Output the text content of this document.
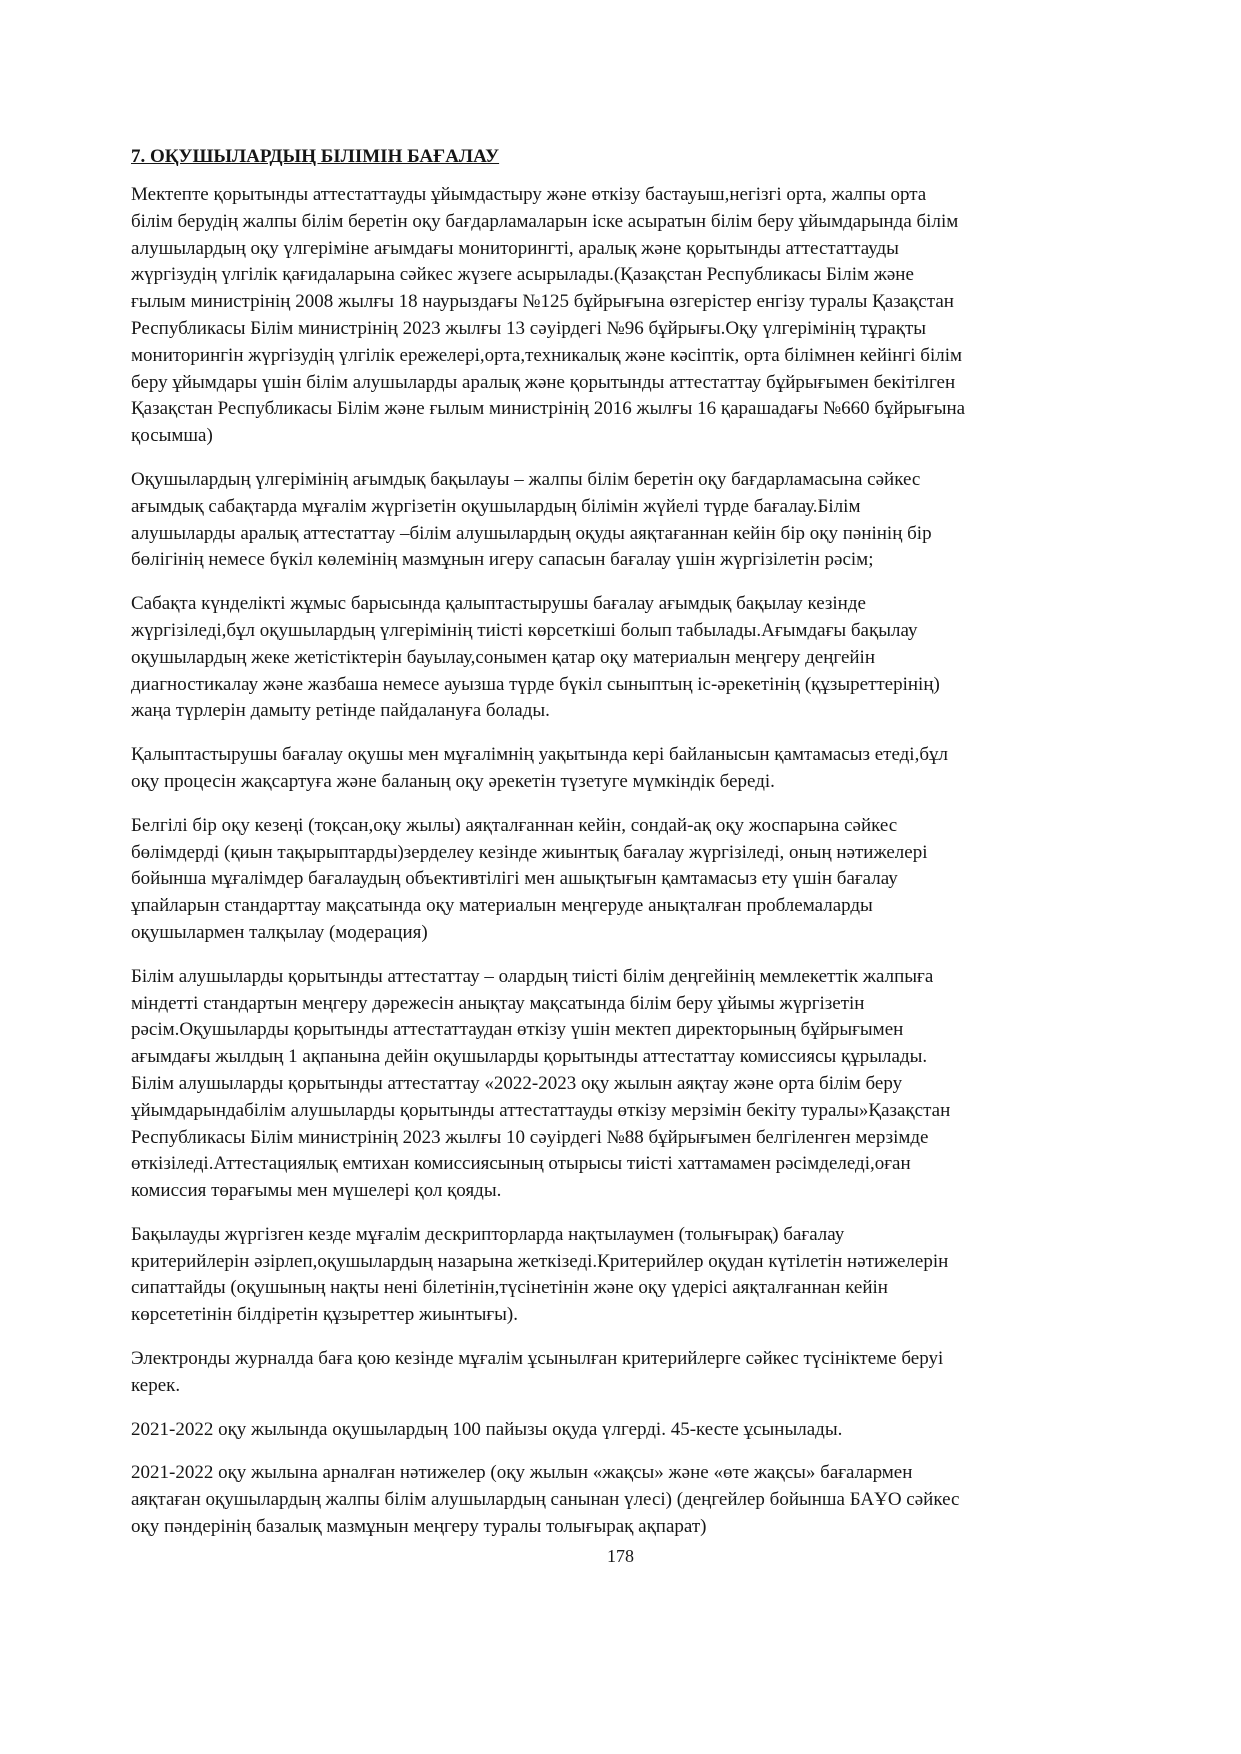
7. ОҚУШЫЛАРДЫҢ БІЛІМІН БАҒАЛАУ
Мектепте қорытынды аттестаттауды ұйымдастыру және өткізу бастауыш,негізгі орта, жалпы орта
білім берудің жалпы білім беретін оқу бағдарламаларын іске асыратын білім беру ұйымдарында білім
алушылардың оқу үлгеріміне ағымдағы мониторингті, аралық және қорытынды аттестаттауды
жүргізудің үлгілік қағидаларына сәйкес жүзеге асырылады.(Қазақстан Республикасы Білім және
ғылым министрінің 2008 жылғы 18 наурыздағы №125 бұйрығына өзгерістер енгізу туралы Қазақстан
Республикасы Білім министрінің 2023 жылғы 13 сәуірдегі №96 бұйрығы.Оқу үлгерімінің тұрақты
мониторингін жүргізудің үлгілік ережелері,орта,техникалық және кәсіптік, орта білімнен кейінгі білім
беру ұйымдары үшін білім алушыларды аралық және қорытынды аттестаттау бұйрығымен бекітілген
Қазақстан Республикасы Білім және ғылым министрінің 2016 жылғы 16 қарашадағы №660 бұйрығына
қосымша)
Оқушылардың үлгерімінің ағымдық бақылауы – жалпы білім беретін оқу бағдарламасына сәйкес
ағымдық сабақтарда мұғалім жүргізетін оқушылардың білімін жүйелі түрде бағалау.Білім
алушыларды аралық аттестаттау –білім алушылардың оқуды аяқтағаннан кейін бір оқу пәнінің бір
бөлігінің немесе бүкіл көлемінің мазмұнын игеру сапасын бағалау үшін жүргізілетін рәсім;
Сабақта күнделікті жұмыс барысында қалыптастырушы бағалау ағымдық бақылау кезінде
жүргізіледі,бұл оқушылардың үлгерімінің тиісті көрсеткіші болып табылады.Ағымдағы бақылау
оқушылардың жеке жетістіктерін бауылау,сонымен қатар оқу материалын меңгеру деңгейін
диагностикалау және жазбаша немесе ауызша түрде бүкіл сыныптың іс-әрекетінің (құзыреттерінің)
жаңа түрлерін дамыту ретінде пайдалануға болады.
Қалыптастырушы бағалау оқушы мен мұғалімнің уақытында кері байланысын қамтамасыз етеді,бұл
оқу процесін жақсартуға және баланың оқу әрекетін түзетуге мүмкіндік береді.
Белгілі бір оқу кезеңі (тоқсан,оқу жылы) аяқталғаннан кейін, сондай-ақ оқу жоспарына сәйкес
бөлімдерді (қиын тақырыптарды)зерделеу кезінде жиынтық бағалау жүргізіледі, оның нәтижелері
бойынша мұғалімдер бағалаудың объективтілігі мен ашықтығын қамтамасыз ету үшін бағалау
ұпайларын стандарттау мақсатында оқу материалын меңгеруде анықталған проблемаларды
оқушылармен талқылау (модерация)
Білім алушыларды қорытынды аттестаттау – олардың тиісті білім деңгейінің мемлекеттік жалпыға
міндетті стандартын меңгеру дәрежесін анықтау мақсатында білім беру ұйымы жүргізетін
рәсім.Оқушыларды қорытынды аттестаттаудан өткізу үшін мектеп директорының бұйрығымен
ағымдағы жылдың 1 ақпанына дейін оқушыларды қорытынды аттестаттау комиссиясы құрылады.
Білім алушыларды қорытынды аттестаттау «2022-2023 оқу жылын аяқтау және орта білім беру
ұйымдарындабілім алушыларды қорытынды аттестаттауды өткізу мерзімін бекіту туралы»Қазақстан
Республикасы Білім министрінің 2023 жылғы 10 сәуірдегі №88 бұйрығымен белгіленген мерзімде
өткізіледі.Аттестациялық емтихан комиссиясының отырысы тиісті хаттамамен рәсімделеді,оған
комиссия төрағымы мен мүшелері қол қояды.
Бақылауды жүргізген кезде мұғалім дескрипторларда нақтылаумен (толығырақ) бағалау
критерийлерін әзірлеп,оқушылардың назарына жеткізеді.Критерийлер оқудан күтілетін нәтижелерін
сипаттайды (оқушының нақты нені білетінін,түсінетінін және оқу үдерісі аяқталғаннан кейін
көрсететінін білдіретін құзыреттер жиынтығы).
Электронды журналда баға қою кезінде мұғалім ұсынылған критерийлерге сәйкес түсініктеме беруі
керек.
2021-2022 оқу жылында оқушылардың 100 пайызы оқуда үлгерді. 45-кесте ұсынылады.
2021-2022 оқу жылына арналған нәтижелер (оқу жылын «жақсы» және «өте жақсы» бағалармен
аяқтаған оқушылардың жалпы білім алушылардың санынан үлесі) (деңгейлер бойынша БАҰО сәйкес
оқу пәндерінің базалық мазмұнын меңгеру туралы толығырақ ақпарат)
178
